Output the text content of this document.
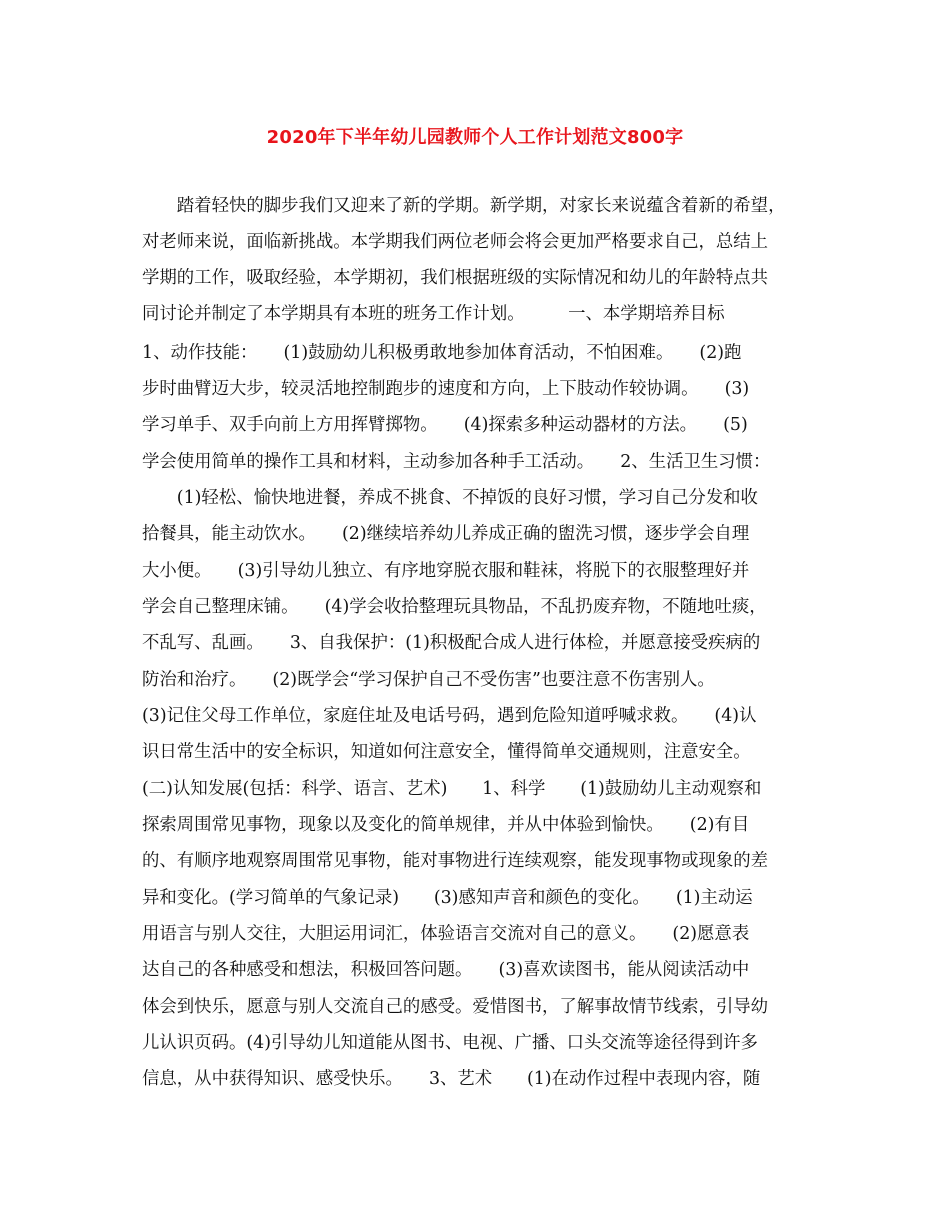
2020年下半年幼儿园教师个人工作计划范文800字
　　踏着轻快的脚步我们又迎来了新的学期。新学期，对家长来说蕴含着新的希望，
对老师来说，面临新挑战。本学期我们两位老师会将会更加严格要求自己，总结上
学期的工作，吸取经验，本学期初，我们根据班级的实际情况和幼儿的年龄特点共
同讨论并制定了本学期具有本班的班务工作计划。　　　一、本学期培养目标
1、动作技能：　　(1)鼓励幼儿积极勇敢地参加体育活动，不怕困难。　　(2)跑
步时曲臂迈大步，较灵活地控制跑步的速度和方向，上下肢动作较协调。　　(3)
学习单手、双手向前上方用挥臂掷物。　　(4)探索多种运动器材的方法。　　(5)
学会使用简单的操作工具和材料，主动参加各种手工活动。　　2、生活卫生习惯：
　　(1)轻松、愉快地进餐，养成不挑食、不掉饭的良好习惯，学习自己分发和收
拾餐具，能主动饮水。　　(2)继续培养幼儿养成正确的盥洗习惯，逐步学会自理
大小便。　　(3)引导幼儿独立、有序地穿脱衣服和鞋袜，将脱下的衣服整理好并
学会自己整理床铺。　　(4)学会收拾整理玩具物品，不乱扔废弃物，不随地吐痰，
不乱写、乱画。　　3、自我保护：(1)积极配合成人进行体检，并愿意接受疾病的
防治和治疗。　　(2)既学会“学习保护自己不受伤害”也要注意不伤害别人。
(3)记住父母工作单位，家庭住址及电话号码，遇到危险知道呼喊求救。　　(4)认
识日常生活中的安全标识，知道如何注意安全，懂得简单交通规则，注意安全。
(二)认知发展(包括：科学、语言、艺术)　　1、科学　　(1)鼓励幼儿主动观察和
探索周围常见事物，现象以及变化的简单规律，并从中体验到愉快。　　(2)有目
的、有顺序地观察周围常见事物，能对事物进行连续观察，能发现事物或现象的差
异和变化。(学习简单的气象记录)　　(3)感知声音和颜色的变化。　　(1)主动运
用语言与别人交往，大胆运用词汇，体验语言交流对自己的意义。　　(2)愿意表
达自己的各种感受和想法，积极回答问题。　　(3)喜欢读图书，能从阅读活动中
体会到快乐，愿意与别人交流自己的感受。爱惜图书，了解事故情节线索，引导幼
儿认识页码。(4)引导幼儿知道能从图书、电视、广播、口头交流等途径得到许多
信息，从中获得知识、感受快乐。　　3、艺术　　(1)在动作过程中表现内容，随
